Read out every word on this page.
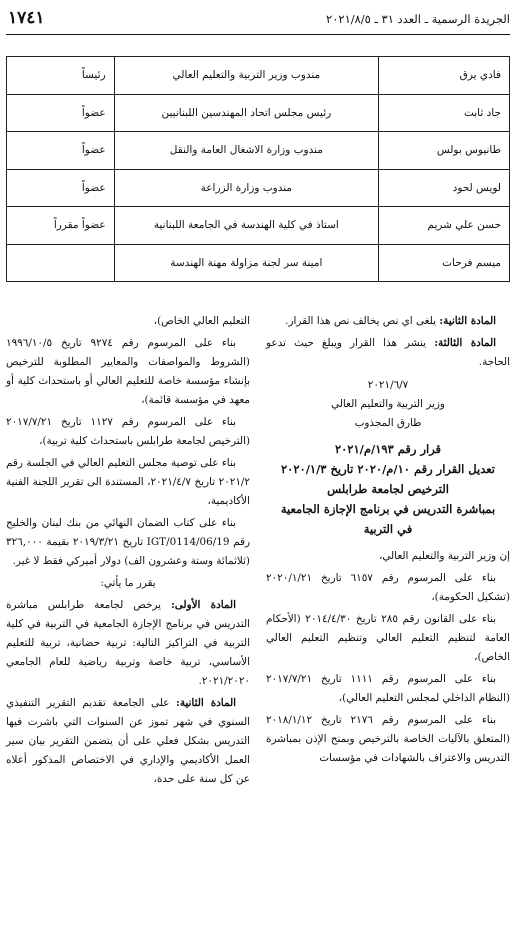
الجريدة الرسمية ـ العدد ٣١ ـ ٢٠٢١/٨/٥
١٧٤١
فادي يرق	مندوب وزير التربية والتعليم العالي	رئيساً
جاد ثابت	رئيس مجلس اتحاد المهندسين اللبنانيين	عضواً
طانيوس بولس	مندوب وزارة الاشغال العامة والنقل	عضواً
لويس لحود	مندوب وزارة الزراعة	عضواً
حسن علي شريم	استاذ في كلية الهندسة في الجامعة اللبنانية	عضواً مقرراً
ميسم فرحات	امينة سر لجنة مزاولة مهنة الهندسة	

المادة الثانية: يلغى اي نص يخالف نص هذا القرار.

المادة الثالثة: ينشر هذا القرار ويبلغ حيث تدعو الحاجة.

٢٠٢١/٦/٧
وزير التربية والتعليم العالي
طارق المجذوب
قرار رقم ١٩٣/م/٢٠٢١
تعديل القرار رقم ١٠/م/٢٠٢٠ تاريخ ٢٠٢٠/١/٣
الترخيص لجامعة طرابلس
بمباشرة التدريس في برنامج الإجازة الجامعية
في التربية

إن وزير التربية والتعليم العالي،

بناء على المرسوم رقم ٦١٥٧ تاريخ ٢٠٢٠/١/٢١ (تشكيل الحكومة)،

بناء على القانون رقم ٢٨٥ تاريخ ٢٠١٤/٤/٣٠ (الأحكام العامة لتنظيم التعليم العالي وتنظيم التعليم العالي الخاص)،

بناء على المرسوم رقم ١١١١ تاريخ ٢٠١٧/٧/٢١ (النظام الداخلي لمجلس التعليم العالي)،

بناء على المرسوم رقم ٢١٧٦ تاريخ ٢٠١٨/١/١٢ (المتعلق بالآليات الخاصة بالترخيص وبمنح الإذن بمباشرة التدريس والاعتراف بالشهادات في مؤسسات

التعليم العالي الخاص)،

بناء على المرسوم رقم ٩٢٧٤ تاريخ ١٩٩٦/١٠/٥ (الشروط والمواصفات والمعايير المطلوبة للترخيص بإنشاء مؤسسة خاصة للتعليم العالي أو باستحداث كلية أو معهد في مؤسسة قائمة)،

بناء على المرسوم رقم ١١٢٧ تاريخ ٢٠١٧/٧/٢١ (الترخيص لجامعة طرابلس باستحداث كلية تربية)،

بناء على توصية مجلس التعليم العالي في الجلسة رقم ٢٠٢١/٢ تاريخ ٢٠٢١/٤/٧، المستندة الى تقرير اللجنة الفنية الأكاديمية،

بناء على كتاب الضمان النهائي من بنك لبنان والخليج رقم IGT/0114/06/19 تاريخ ٢٠١٩/٣/٢١ بقيمة ٣٢٦,٠٠٠ (ثلاثمائة وستة وعشرون الف) دولار أميركي فقط لا غير.

يقرر ما يأتي:

المادة الأولى: يرخص لجامعة طرابلس مباشرة التدريس في برنامج الإجازة الجامعية في التربية في كلية التربية في التراكيز التالية: تربية حضانية، تربية للتعليم الأساسي، تربية خاصة وتربية رياضية للعام الجامعي ٢٠٢١/٢٠٢٠.

المادة الثانية: على الجامعة تقديم التقرير التنفيذي السنوي في شهر تموز عن السنوات التي باشرت فيها التدريس بشكل فعلي على أن يتضمن التقرير بيان سير العمل الأكاديمي والإداري في الاختصاص المذكور أعلاه عن كل سنة على حدة،
